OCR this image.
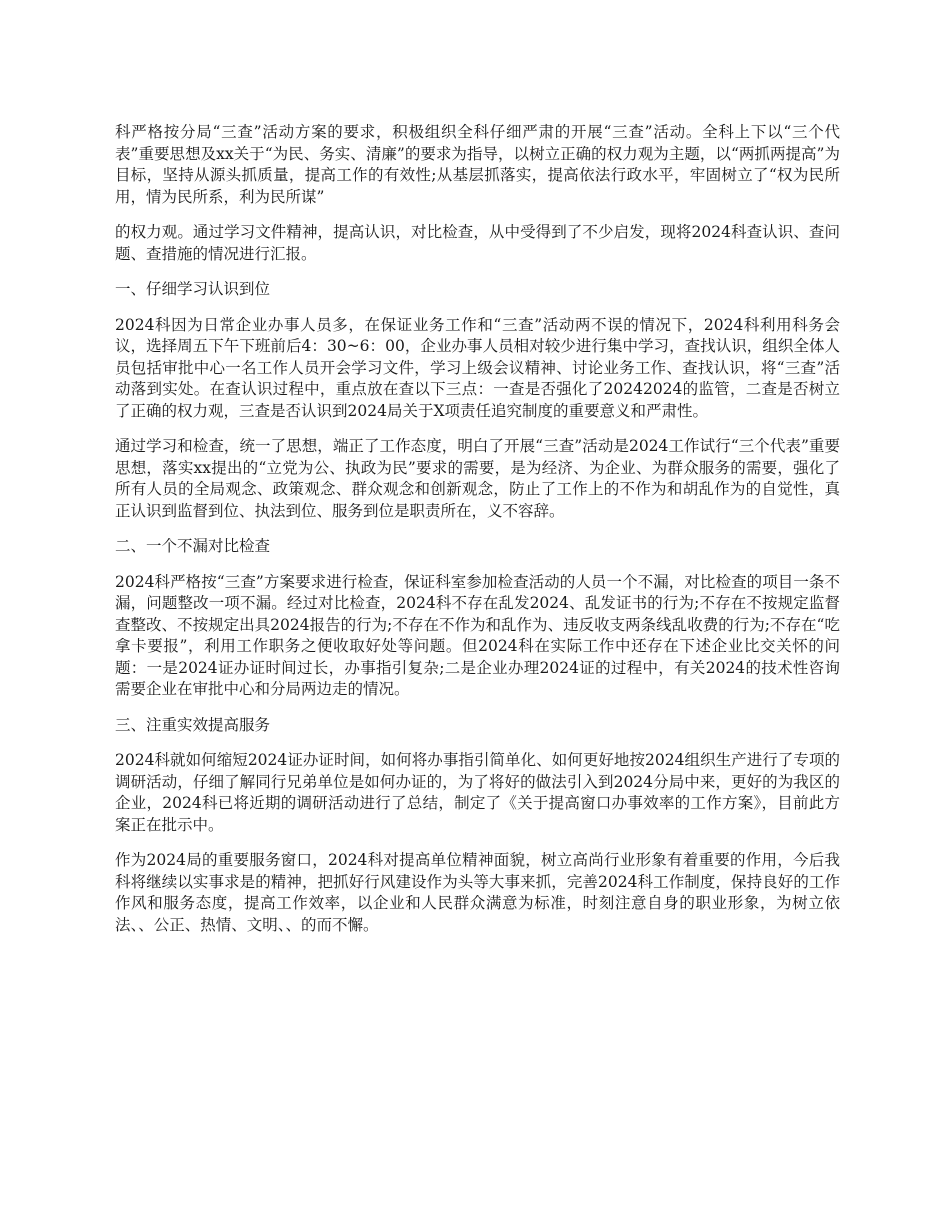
科严格按分局“三查”活动方案的要求，积极组织全科仔细严肃的开展“三查”活动。全科上下以“三个代表”重要思想及xx关于“为民、务实、清廉”的要求为指导，以树立正确的权力观为主题，以“两抓两提高”为目标，坚持从源头抓质量，提高工作的有效性;从基层抓落实，提高依法行政水平，牢固树立了“权为民所用，情为民所系，利为民所谋”

的权力观。通过学习文件精神，提高认识，对比检查，从中受得到了不少启发，现将2024科查认识、查问题、查措施的情况进行汇报。

一、仔细学习认识到位

2024科因为日常企业办事人员多，在保证业务工作和“三查”活动两不误的情况下，2024科利用科务会议，选择周五下午下班前后4：30~6：00，企业办事人员相对较少进行集中学习，查找认识，组织全体人员包括审批中心一名工作人员开会学习文件，学习上级会议精神、讨论业务工作、查找认识，将“三查”活动落到实处。在查认识过程中，重点放在查以下三点：一查是否强化了20242024的监管，二查是否树立了正确的权力观，三查是否认识到2024局关于X项责任追究制度的重要意义和严肃性。

通过学习和检查，统一了思想，端正了工作态度，明白了开展“三查”活动是2024工作试行“三个代表”重要思想，落实xx提出的“立党为公、执政为民”要求的需要，是为经济、为企业、为群众服务的需要，强化了所有人员的全局观念、政策观念、群众观念和创新观念，防止了工作上的不作为和胡乱作为的自觉性，真正认识到监督到位、执法到位、服务到位是职责所在，义不容辞。

二、一个不漏对比检查

2024科严格按“三查”方案要求进行检查，保证科室参加检查活动的人员一个不漏，对比检查的项目一条不漏，问题整改一项不漏。经过对比检查，2024科不存在乱发2024、乱发证书的行为;不存在不按规定监督查整改、不按规定出具2024报告的行为;不存在不作为和乱作为、违反收支两条线乱收费的行为;不存在“吃拿卡要报”，利用工作职务之便收取好处等问题。但2024科在实际工作中还存在下述企业比交关怀的问题：一是2024证办证时间过长，办事指引复杂;二是企业办理2024证的过程中，有关2024的技术性咨询需要企业在审批中心和分局两边走的情况。

三、注重实效提高服务

2024科就如何缩短2024证办证时间，如何将办事指引简单化、如何更好地按2024组织生产进行了专项的调研活动，仔细了解同行兄弟单位是如何办证的，为了将好的做法引入到2024分局中来，更好的为我区的企业，2024科已将近期的调研活动进行了总结，制定了《关于提高窗口办事效率的工作方案》，目前此方案正在批示中。

作为2024局的重要服务窗口，2024科对提高单位精神面貌，树立高尚行业形象有着重要的作用，今后我科将继续以实事求是的精神，把抓好行风建设作为头等大事来抓，完善2024科工作制度，保持良好的工作作风和服务态度，提高工作效率，以企业和人民群众满意为标准，时刻注意自身的职业形象，为树立依法、、公正、热情、文明、、的而不懈。
